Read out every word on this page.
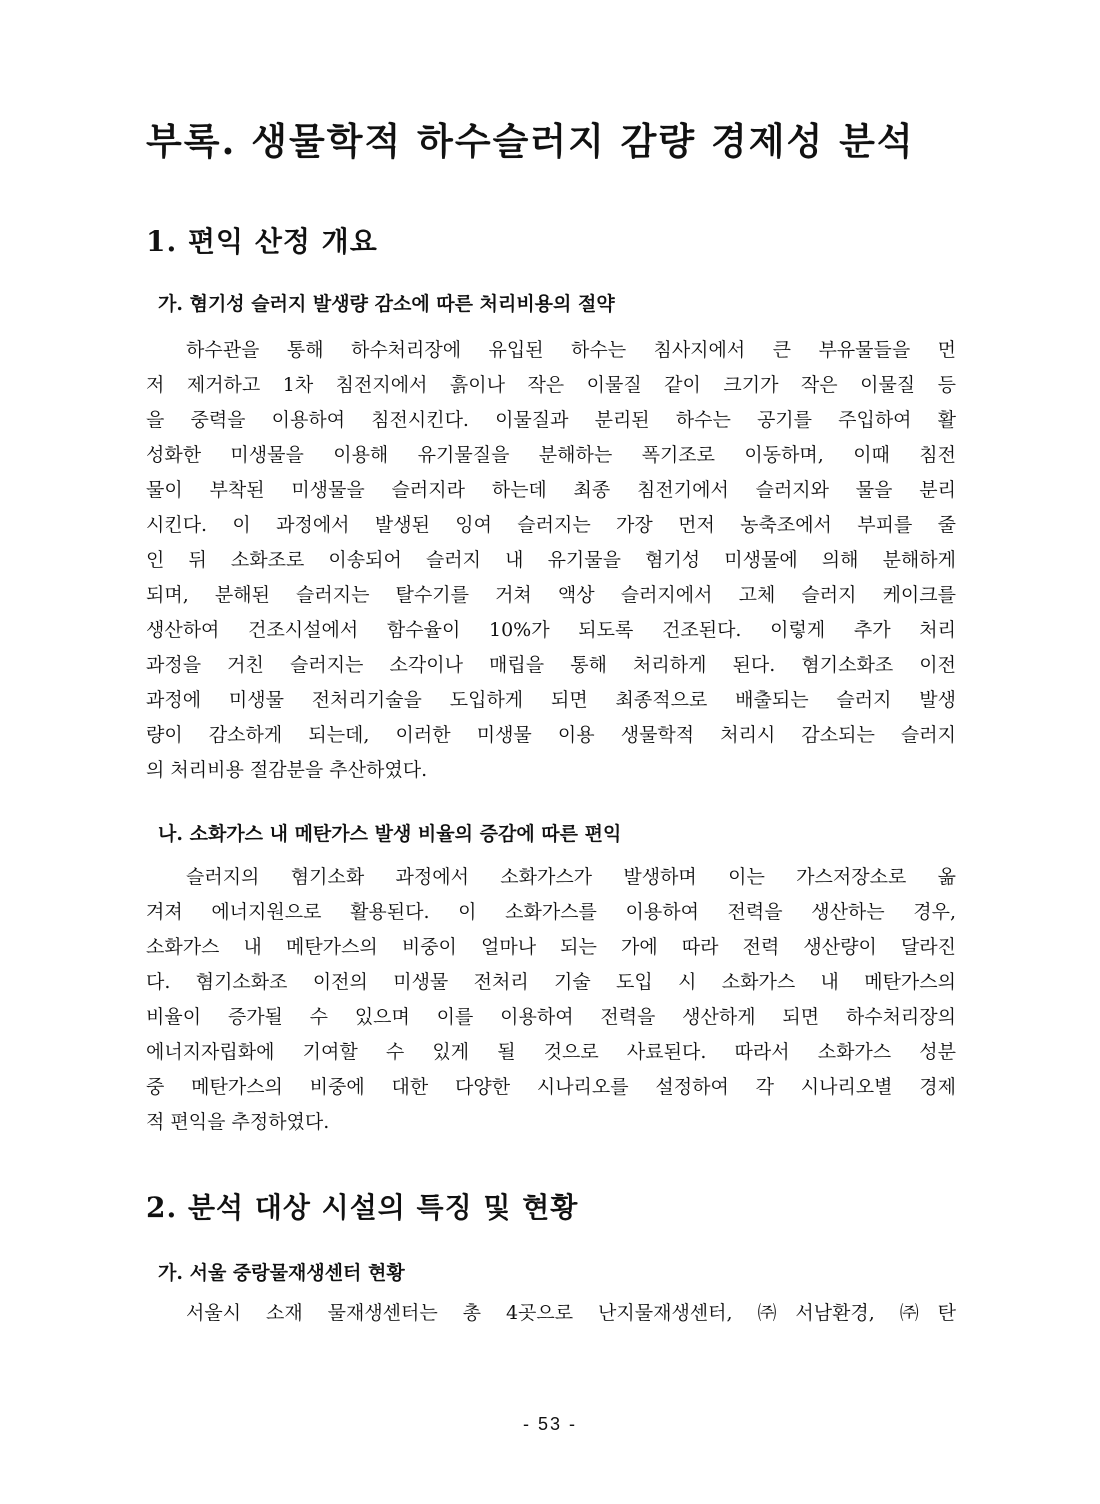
부록. 생물학적 하수슬러지 감량 경제성 분석
1. 편익 산정 개요
가. 혐기성 슬러지 발생량 감소에 따른 처리비용의 절약
하수관을 통해 하수처리장에 유입된 하수는 침사지에서 큰 부유물들을 먼
저 제거하고 1차 침전지에서 흙이나 작은 이물질 같이 크기가 작은 이물질 등
을 중력을 이용하여 침전시킨다. 이물질과 분리된 하수는 공기를 주입하여 활
성화한 미생물을 이용해 유기물질을 분해하는 폭기조로 이동하며, 이때 침전
물이 부착된 미생물을 슬러지라 하는데 최종 침전기에서 슬러지와 물을 분리
시킨다. 이 과정에서 발생된 잉여 슬러지는 가장 먼저 농축조에서 부피를 줄
인 뒤 소화조로 이송되어 슬러지 내 유기물을 혐기성 미생물에 의해 분해하게
되며, 분해된 슬러지는 탈수기를 거쳐 액상 슬러지에서 고체 슬러지 케이크를
생산하여 건조시설에서 함수율이 10%가 되도록 건조된다. 이렇게 추가 처리
과정을 거친 슬러지는 소각이나 매립을 통해 처리하게 된다. 혐기소화조 이전
과정에 미생물 전처리기술을 도입하게 되면 최종적으로 배출되는 슬러지 발생
량이 감소하게 되는데, 이러한 미생물 이용 생물학적 처리시 감소되는 슬러지
의 처리비용 절감분을 추산하였다.
나. 소화가스 내 메탄가스 발생 비율의 증감에 따른 편익
슬러지의 혐기소화 과정에서 소화가스가 발생하며 이는 가스저장소로 옮
겨져 에너지원으로 활용된다. 이 소화가스를 이용하여 전력을 생산하는 경우,
소화가스 내 메탄가스의 비중이 얼마나 되는 가에 따라 전력 생산량이 달라진
다. 혐기소화조 이전의 미생물 전처리 기술 도입 시 소화가스 내 메탄가스의
비율이 증가될 수 있으며 이를 이용하여 전력을 생산하게 되면 하수처리장의
에너지자립화에 기여할 수 있게 될 것으로 사료된다. 따라서 소화가스 성분
중 메탄가스의 비중에 대한 다양한 시나리오를 설정하여 각 시나리오별 경제
적 편익을 추정하였다.
2. 분석 대상 시설의 특징 및 현황
가. 서울 중랑물재생센터 현황
서울시 소재 물재생센터는 총 4곳으로 난지물재생센터, ㈜서남환경, ㈜탄

- 53 -
